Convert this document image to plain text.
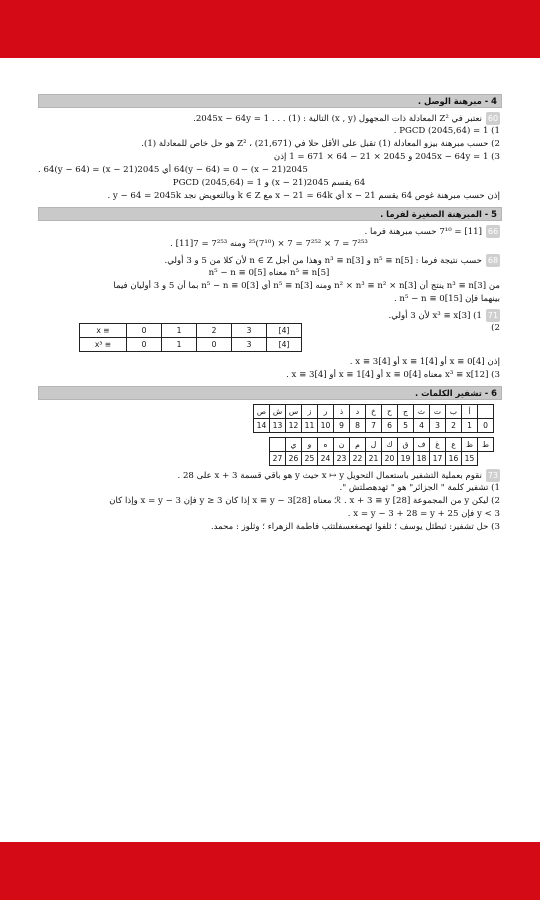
4 - مبرهنة الوصل .
60نعتبر في Z² المعادلة ذات المجهول (x , y) التالية : 2045x − 64y = 1 . . . (1).
1) PGCD (2045,64) = 1 .
2) حسب مبرهنة بيزو المعادلة (1) تقبل على الأقل حلا في Z² ، (21,671) هو حل خاص للمعادلة (1).
3) 2045x − 64y = 1 و 2045 × 21 − 64 × 671 = 1 إذن
2045(x − 21) − 64(y − 64) = 0 أي 2045(x − 21) = 64(y − 64) .
64 يقسم 2045(x − 21) و PGCD (2045,64) = 1
إذن حسب مبرهنة غوص 64 يقسم x − 21 أي x − 21 = 64k مع k ∈ Z وبالتعويض نجد y − 64 = 2045k .
5 - المبرهنة الصغيرة لفرما .
66[11] = 7¹⁰ حسب مبرهنة فرما .
7²⁵³ = 7 × 7²⁵² = 7 × (7¹⁰)²⁵ ومنه 7²⁵³ = 7[11] .
68حسب نتيجة فرما : n⁵ ≡ n[5] و n³ ≡ n[3] وهذا من أجل n ∈ Z لأن كلا من 5 و 3 أولي.
n⁵ ≡ n[5] معناه n⁵ − n ≡ 0[5]
من n³ ≡ n[3] ينتج أن n² × n³ ≡ n² × n[3] ومنه n⁵ ≡ n[3] أي n⁵ − n ≡ 0[3] بما أن 5 و 3 أوليان فيما
بينهما فإن n⁵ − n ≡ 0[15] .
711) x³ ≡ x[3] لأن 3 أولي.
2)
x ≡	0	1	2	3	[4]
x³ ≡	0	1	0	3	[4]
إذن x ≡ 0[4] أو x ≡ 1[4] أو x ≡ 3[4] .
3) x³ ≡ x[12] معناه x ≡ 0[4] أو x ≡ 1[4] أو x ≡ 3[4] .
6 - تشفير الكلمات .
ص	ش	س	ز	ر	ذ	د	خ	ح	ج	ث	ت	ب	أ	
14	13	12	11	10	9	8	7	6	5	4	3	2	1	0
	ي	و	ه	ن	م	ل	ك	ق	ف	غ	ع	ظ	ط
27	26	25	24	23	22	21	20	19	18	17	16	15	
73نقوم بعملية التشفير باستعمال التحويل x ↦ y حيث y هو باقي قسمة x + 3 على 28 .
1) تشفير كلمة " الجزائر" هو " ثهدهصلتش ".
2) ليكن y من المجموعة ℛ . x + 3 ≡ y [28] معناه x ≡ y − 3[28] إذا كان y ≥ 3 فإن x = y − 3 وإذا كان
y < 3 فإن x = y − 3 + 28 = y + 25 .
3) حل تشفير: ثبطثل يوسف ؛ ثلفوا ثهصغعسفلتثب فاطمة الزهراء ؛ وثلوز : محمد.
